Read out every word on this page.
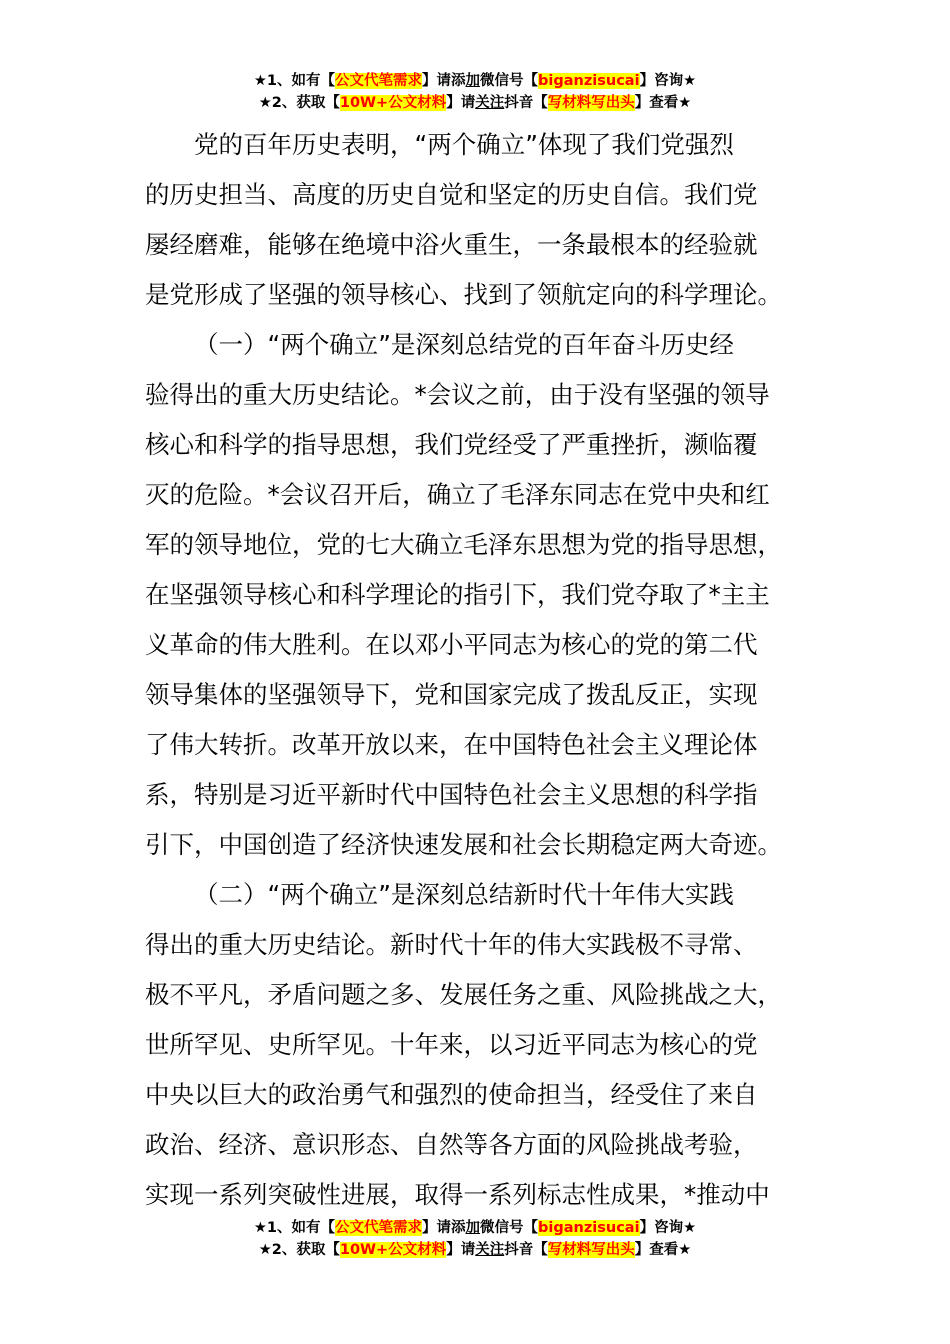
★1、如有【公文代笔需求】请添加微信号【biganzisucai】咨询★
★2、获取【10W+公文材料】请关注抖音【写材料写出头】查看★
党的百年历史表明，“两个确立”体现了我们党强烈
的历史担当、高度的历史自觉和坚定的历史自信。我们党
屡经磨难，能够在绝境中浴火重生，一条最根本的经验就
是党形成了坚强的领导核心、找到了领航定向的科学理论。
（一）“两个确立”是深刻总结党的百年奋斗历史经
验得出的重大历史结论。*会议之前，由于没有坚强的领导
核心和科学的指导思想，我们党经受了严重挫折，濒临覆
灭的危险。*会议召开后，确立了毛泽东同志在党中央和红
军的领导地位，党的七大确立毛泽东思想为党的指导思想，
在坚强领导核心和科学理论的指引下，我们党夺取了*主主
义革命的伟大胜利。在以邓小平同志为核心的党的第二代
领导集体的坚强领导下，党和国家完成了拨乱反正，实现
了伟大转折。改革开放以来，在中国特色社会主义理论体
系，特别是习近平新时代中国特色社会主义思想的科学指
引下，中国创造了经济快速发展和社会长期稳定两大奇迹。
（二）“两个确立”是深刻总结新时代十年伟大实践
得出的重大历史结论。新时代十年的伟大实践极不寻常、
极不平凡，矛盾问题之多、发展任务之重、风险挑战之大，
世所罕见、史所罕见。十年来，以习近平同志为核心的党
中央以巨大的政治勇气和强烈的使命担当，经受住了来自
政治、经济、意识形态、自然等各方面的风险挑战考验，
实现一系列突破性进展，取得一系列标志性成果，*推动中
★1、如有【公文代笔需求】请添加微信号【biganzisucai】咨询★
★2、获取【10W+公文材料】请关注抖音【写材料写出头】查看★
